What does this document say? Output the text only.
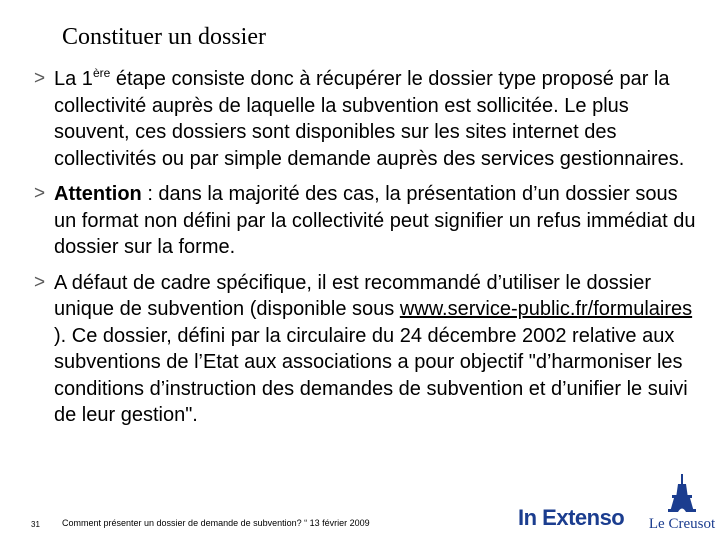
Constituer un dossier
> La 1ère étape consiste donc à récupérer le dossier type proposé par la collectivité auprès de laquelle la subvention est sollicitée. Le plus souvent, ces dossiers sont disponibles sur les sites internet des collectivités ou par simple demande auprès des services gestionnaires.
> Attention : dans la majorité des cas, la présentation d’un dossier sous un format non défini par la collectivité peut signifier un refus immédiat du dossier sur la forme.
> A défaut de cadre spécifique, il est recommandé d’utiliser le dossier unique de subvention (disponible sous www.service-public.fr/formulaires ). Ce dossier, défini par la circulaire du 24 décembre 2002 relative aux subventions de l’Etat aux associations a pour objectif "d’harmoniser les conditions d’instruction des demandes de subvention et d’unifier le suivi de leur gestion".
31 Comment présenter un dossier de demande de subvention? “ 13 février 2009	In Extenso Le Creusot
